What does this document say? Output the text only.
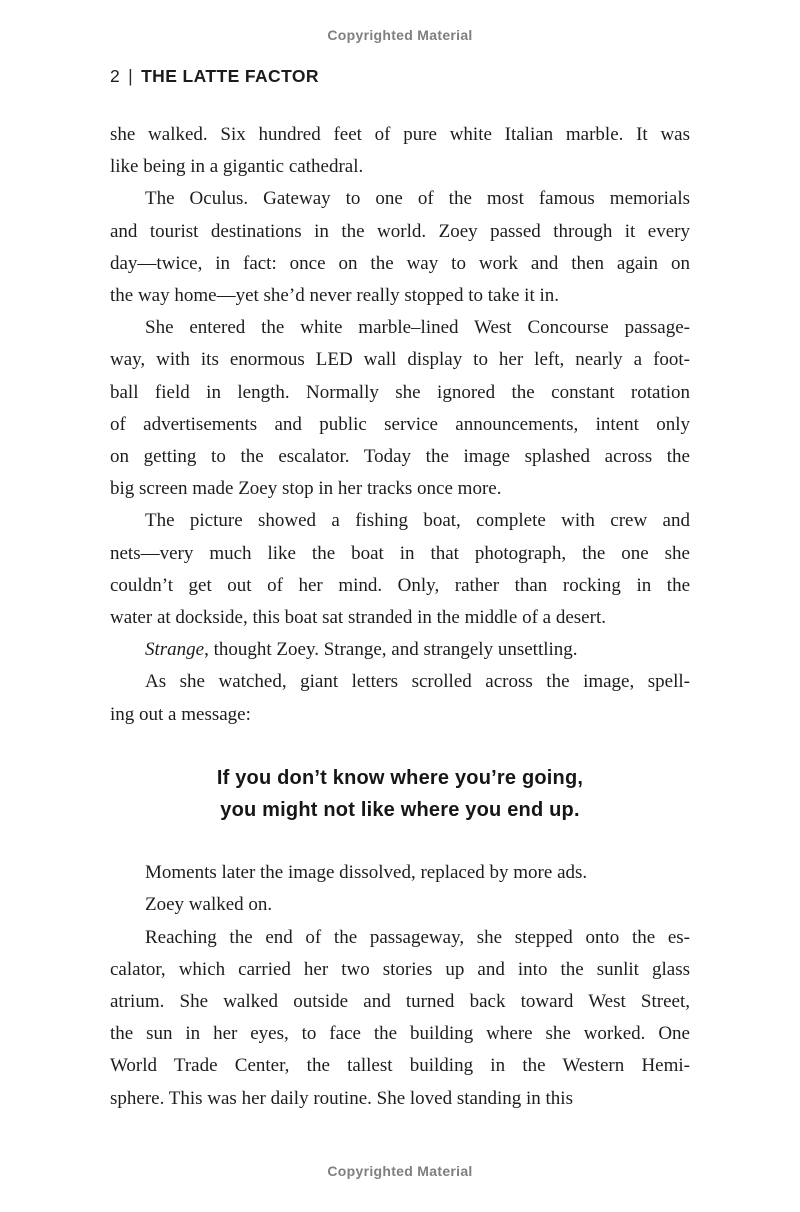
Copyrighted Material
2 | THE LATTE FACTOR
she walked. Six hundred feet of pure white Italian marble. It was
like being in a gigantic cathedral.
The Oculus. Gateway to one of the most famous memorials
and tourist destinations in the world. Zoey passed through it every
day—twice, in fact: once on the way to work and then again on
the way home—yet she’d never really stopped to take it in.
She entered the white marble–lined West Concourse passage-
way, with its enormous LED wall display to her left, nearly a foot-
ball field in length. Normally she ignored the constant rotation
of advertisements and public service announcements, intent only
on getting to the escalator. Today the image splashed across the
big screen made Zoey stop in her tracks once more.
The picture showed a fishing boat, complete with crew and
nets—very much like the boat in that photograph, the one she
couldn’t get out of her mind. Only, rather than rocking in the
water at dockside, this boat sat stranded in the middle of a desert.
Strange, thought Zoey. Strange, and strangely unsettling.
As she watched, giant letters scrolled across the image, spell-
ing out a message:
If you don’t know where you’re going,
you might not like where you end up.
Moments later the image dissolved, replaced by more ads.
Zoey walked on.
Reaching the end of the passageway, she stepped onto the es-
calator, which carried her two stories up and into the sunlit glass
atrium. She walked outside and turned back toward West Street,
the sun in her eyes, to face the building where she worked. One
World Trade Center, the tallest building in the Western Hemi-
sphere. This was her daily routine. She loved standing in this
Copyrighted Material
